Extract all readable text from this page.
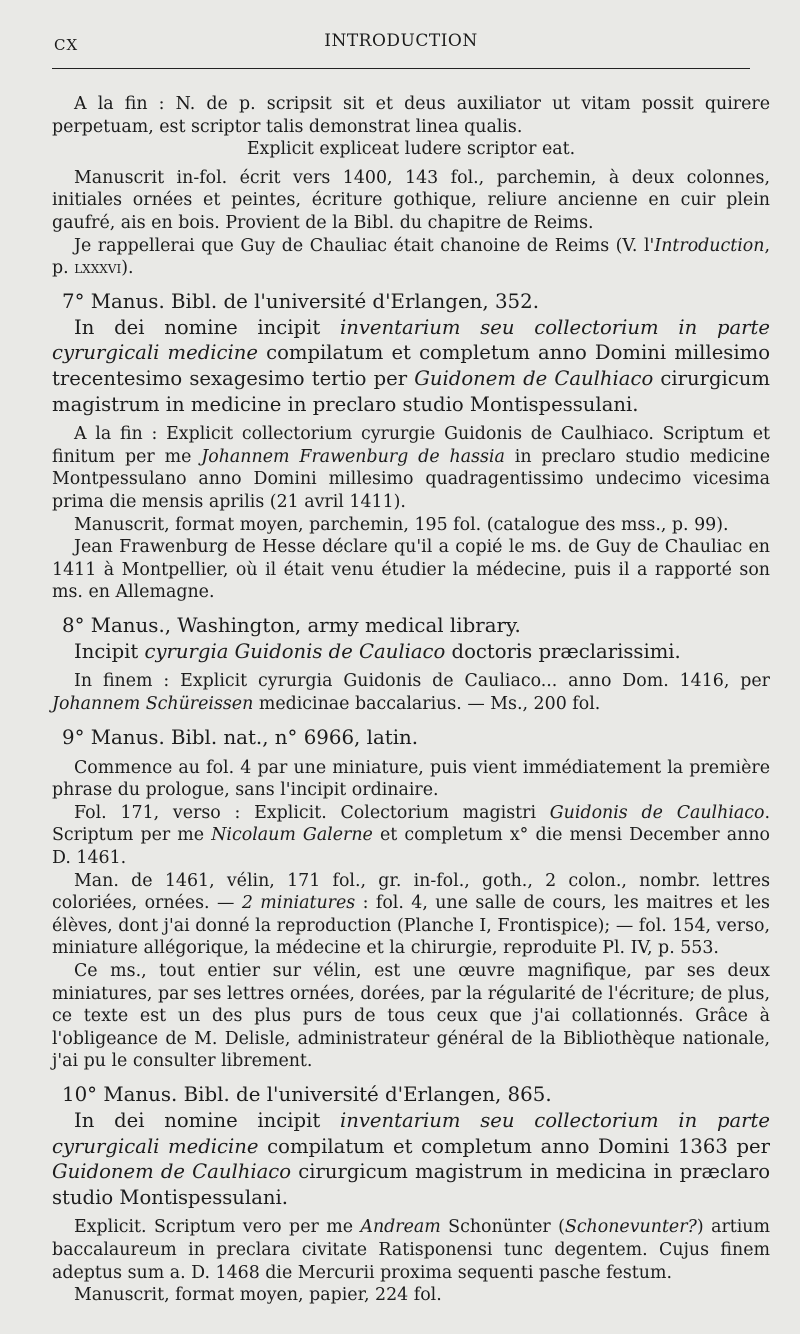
CX	INTRODUCTION

A la fin : N. de p. scripsit sit et deus auxiliator ut vitam possit quirere perpetuam, est scriptor talis demonstrat linea qualis.

Explicit expliceat ludere scriptor eat.

Manuscrit in-fol. écrit vers 1400, 143 fol., parchemin, à deux colonnes, initiales ornées et peintes, écriture gothique, reliure ancienne en cuir plein gaufré, ais en bois. Provient de la Bibl. du chapitre de Reims.

Je rappellerai que Guy de Chauliac était chanoine de Reims (V. l'Introduction, p. lxxxvi).

7° Manus. Bibl. de l'université d'Erlangen, 352.

In dei nomine incipit inventarium seu collectorium in parte cyrurgicali medicine compilatum et completum anno Domini millesimo trecentesimo sexagesimo tertio per Guidonem de Caulhiaco cirurgicum magistrum in medicine in preclaro studio Montispessulani.

A la fin : Explicit collectorium cyrurgie Guidonis de Caulhiaco. Scriptum et finitum per me Johannem Frawenburg de hassia in preclaro studio medicine Montpessulano anno Domini millesimo quadragentissimo undecimo vicesima prima die mensis aprilis (21 avril 1411).

Manuscrit, format moyen, parchemin, 195 fol. (catalogue des mss., p. 99).

Jean Frawenburg de Hesse déclare qu'il a copié le ms. de Guy de Chauliac en 1411 à Montpellier, où il était venu étudier la médecine, puis il a rapporté son ms. en Allemagne.

8° Manus., Washington, army medical library.

Incipit cyrurgia Guidonis de Cauliaco doctoris præclarissimi.

In finem : Explicit cyrurgia Guidonis de Cauliaco... anno Dom. 1416, per Johannem Schüreissen medicinae baccalarius. — Ms., 200 fol.

9° Manus. Bibl. nat., n° 6966, latin.

Commence au fol. 4 par une miniature, puis vient immédiatement la première phrase du prologue, sans l'incipit ordinaire.

Fol. 171, verso : Explicit. Colectorium magistri Guidonis de Caulhiaco. Scriptum per me Nicolaum Galerne et completum x° die mensi December anno D. 1461.

Man. de 1461, vélin, 171 fol., gr. in-fol., goth., 2 colon., nombr. lettres coloriées, ornées. — 2 miniatures : fol. 4, une salle de cours, les maitres et les élèves, dont j'ai donné la reproduction (Planche I, Frontispice); — fol. 154, verso, miniature allégorique, la médecine et la chirurgie, reproduite Pl. IV, p. 553.

Ce ms., tout entier sur vélin, est une œuvre magnifique, par ses deux miniatures, par ses lettres ornées, dorées, par la régularité de l'écriture; de plus, ce texte est un des plus purs de tous ceux que j'ai collationnés. Grâce à l'obligeance de M. Delisle, administrateur général de la Bibliothèque nationale, j'ai pu le consulter librement.

10° Manus. Bibl. de l'université d'Erlangen, 865.

In dei nomine incipit inventarium seu collectorium in parte cyrurgicali medicine compilatum et completum anno Domini 1363 per Guidonem de Caulhiaco cirurgicum magistrum in medicina in præclaro studio Montispessulani.

Explicit. Scriptum vero per me Andream Schonünter (Schonevunter?) artium baccalaureum in preclara civitate Ratisponensi tunc degentem. Cujus finem adeptus sum a. D. 1468 die Mercurii proxima sequenti pasche festum.

Manuscrit, format moyen, papier, 224 fol.
